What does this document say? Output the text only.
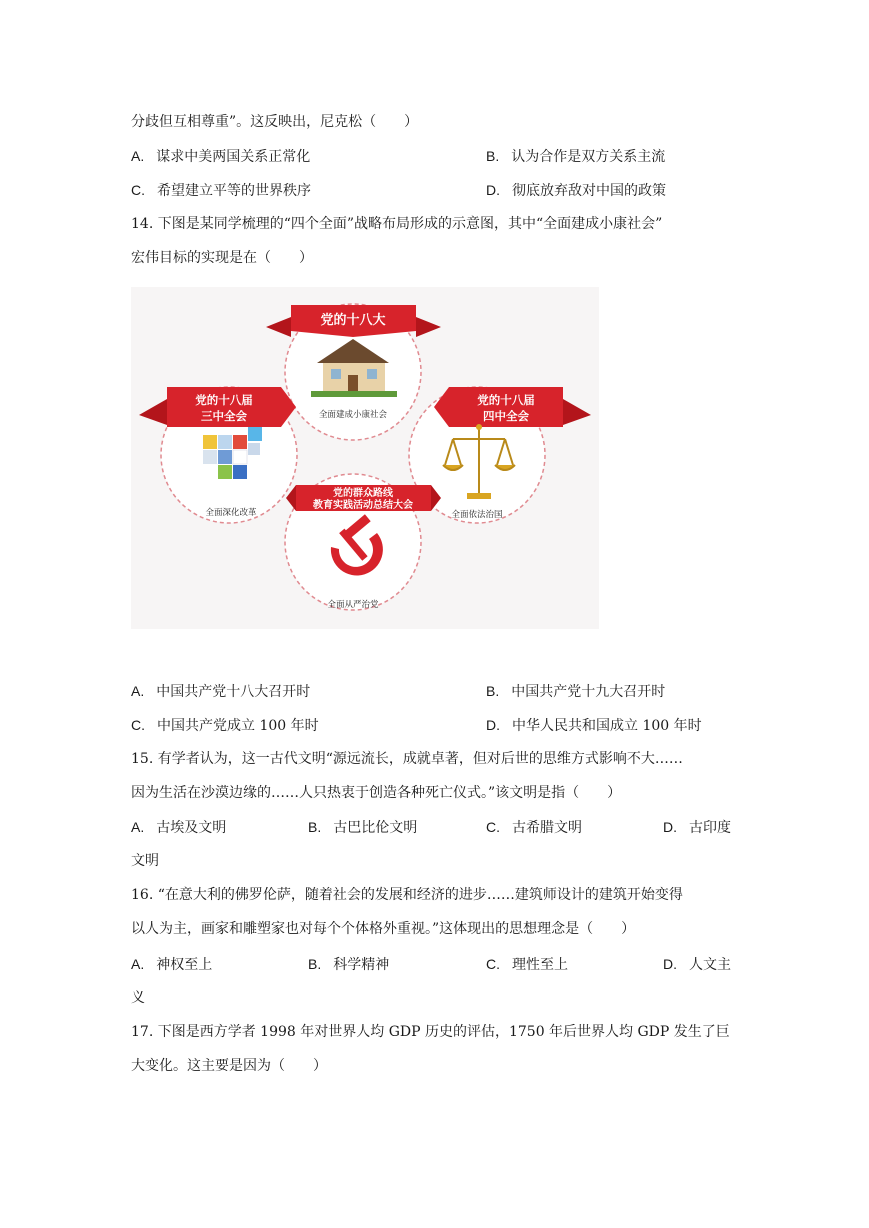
分歧但互相尊重”。这反映出，尼克松（　　）
A. 谋求中美两国关系正常化	B. 认为合作是双方关系主流
C. 希望建立平等的世界秩序	D. 彻底放弃敌对中国的政策
14. 下图是某同学梳理的“四个全面”战略布局形成的示意图，其中“全面建成小康社会”
宏伟目标的实现是在（　　）
党的十八大
全面建成小康社会
党的十八届
三中全会
全面深化改革
党的十八届
四中全会
全面依法治国
党的群众路线
教育实践活动总结大会
全面从严治党
A. 中国共产党十八大召开时	B. 中国共产党十九大召开时
C. 中国共产党成立 100 年时	D. 中华人民共和国成立 100 年时
15. 有学者认为，这一古代文明“源远流长，成就卓著，但对后世的思维方式影响不大……
因为生活在沙漠边缘的……人只热衷于创造各种死亡仪式。”该文明是指（　　）
A. 古埃及文明	B. 古巴比伦文明	C. 古希腊文明	D. 古印度
文明
16. “在意大利的佛罗伦萨，随着社会的发展和经济的进步……建筑师设计的建筑开始变得
以人为主，画家和雕塑家也对每个个体格外重视。”这体现出的思想理念是（　　）
A. 神权至上	B. 科学精神	C. 理性至上	D. 人文主
义
17. 下图是西方学者 1998 年对世界人均 GDP 历史的评估，1750 年后世界人均 GDP 发生了巨
大变化。这主要是因为（　　）
